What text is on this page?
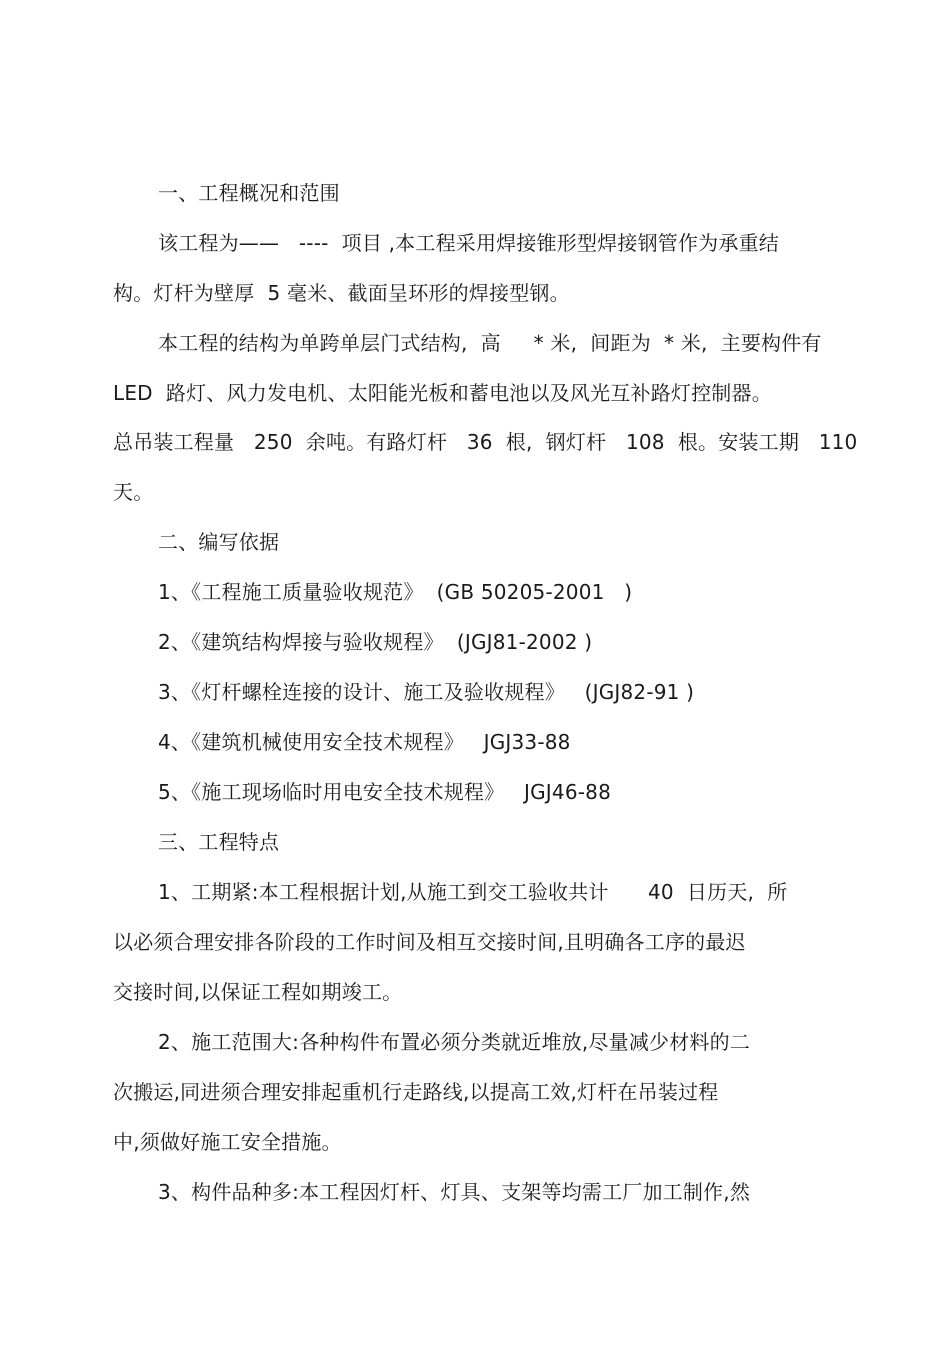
一、工程概况和范围
该工程为——   ----  项目 ,本工程采用焊接锥形型焊接钢管作为承重结
构。灯杆为壁厚  5 毫米、截面呈环形的焊接型钢。
本工程的结构为单跨单层门式结构,  高     * 米,  间距为  * 米,  主要构件有
LED  路灯、风力发电机、太阳能光板和蓄电池以及风光互补路灯控制器。
总吊装工程量   250  余吨。有路灯杆   36  根,  钢灯杆   108  根。安装工期   110
天。
二、编写依据
1、《工程施工质量验收规范》  (GB 50205-2001   )
2、《建筑结构焊接与验收规程》  (JGJ81-2002 )
3、《灯杆螺栓连接的设计、施工及验收规程》   (JGJ82-91 )
4、《建筑机械使用安全技术规程》   JGJ33-88
5、《施工现场临时用电安全技术规程》   JGJ46-88
三、工程特点
1、工期紧:本工程根据计划,从施工到交工验收共计      40  日历天,  所
以必须合理安排各阶段的工作时间及相互交接时间,且明确各工序的最迟
交接时间,以保证工程如期竣工。
2、施工范围大:各种构件布置必须分类就近堆放,尽量减少材料的二
次搬运,同进须合理安排起重机行走路线,以提高工效,灯杆在吊装过程
中,须做好施工安全措施。
3、构件品种多:本工程因灯杆、灯具、支架等均需工厂加工制作,然
